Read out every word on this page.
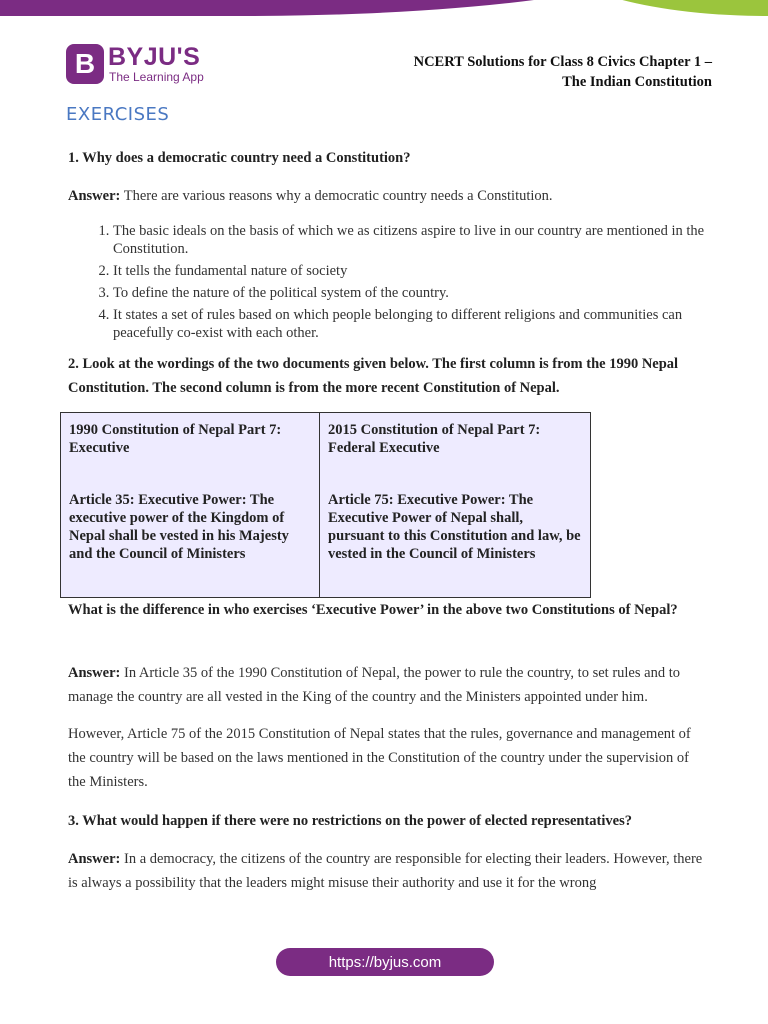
B BYJU'S
The Learning App
NCERT Solutions for Class 8 Civics Chapter 1 –
The Indian Constitution
EXERCISES
1. Why does a democratic country need a Constitution?
Answer: There are various reasons why a democratic country needs a Constitution.
1. The basic ideals on the basis of which we as citizens aspire to live in our country are mentioned in the Constitution.
2. It tells the fundamental nature of society
3. To define the nature of the political system of the country.
4. It states a set of rules based on which people belonging to different religions and communities can peacefully co-exist with each other.
2. Look at the wordings of the two documents given below. The first column is from the 1990 Nepal Constitution. The second column is from the more recent Constitution of Nepal.
1990 Constitution of Nepal Part 7: Executive
2015 Constitution of Nepal Part 7: Federal Executive
Article 35: Executive Power: The executive power of the Kingdom of Nepal shall be vested in his Majesty and the Council of Ministers
Article 75: Executive Power: The Executive Power of Nepal shall, pursuant to this Constitution and law, be vested in the Council of Ministers
What is the difference in who exercises ‘Executive Power’ in the above two Constitutions of Nepal?
Answer: In Article 35 of the 1990 Constitution of Nepal, the power to rule the country, to set rules and to manage the country are all vested in the King of the country and the Ministers appointed under him.
However, Article 75 of the 2015 Constitution of Nepal states that the rules, governance and management of the country will be based on the laws mentioned in the Constitution of the country under the supervision of the Ministers.
3. What would happen if there were no restrictions on the power of elected representatives?
Answer: In a democracy, the citizens of the country are responsible for electing their leaders. However, there is always a possibility that the leaders might misuse their authority and use it for the wrong
https://byjus.com
